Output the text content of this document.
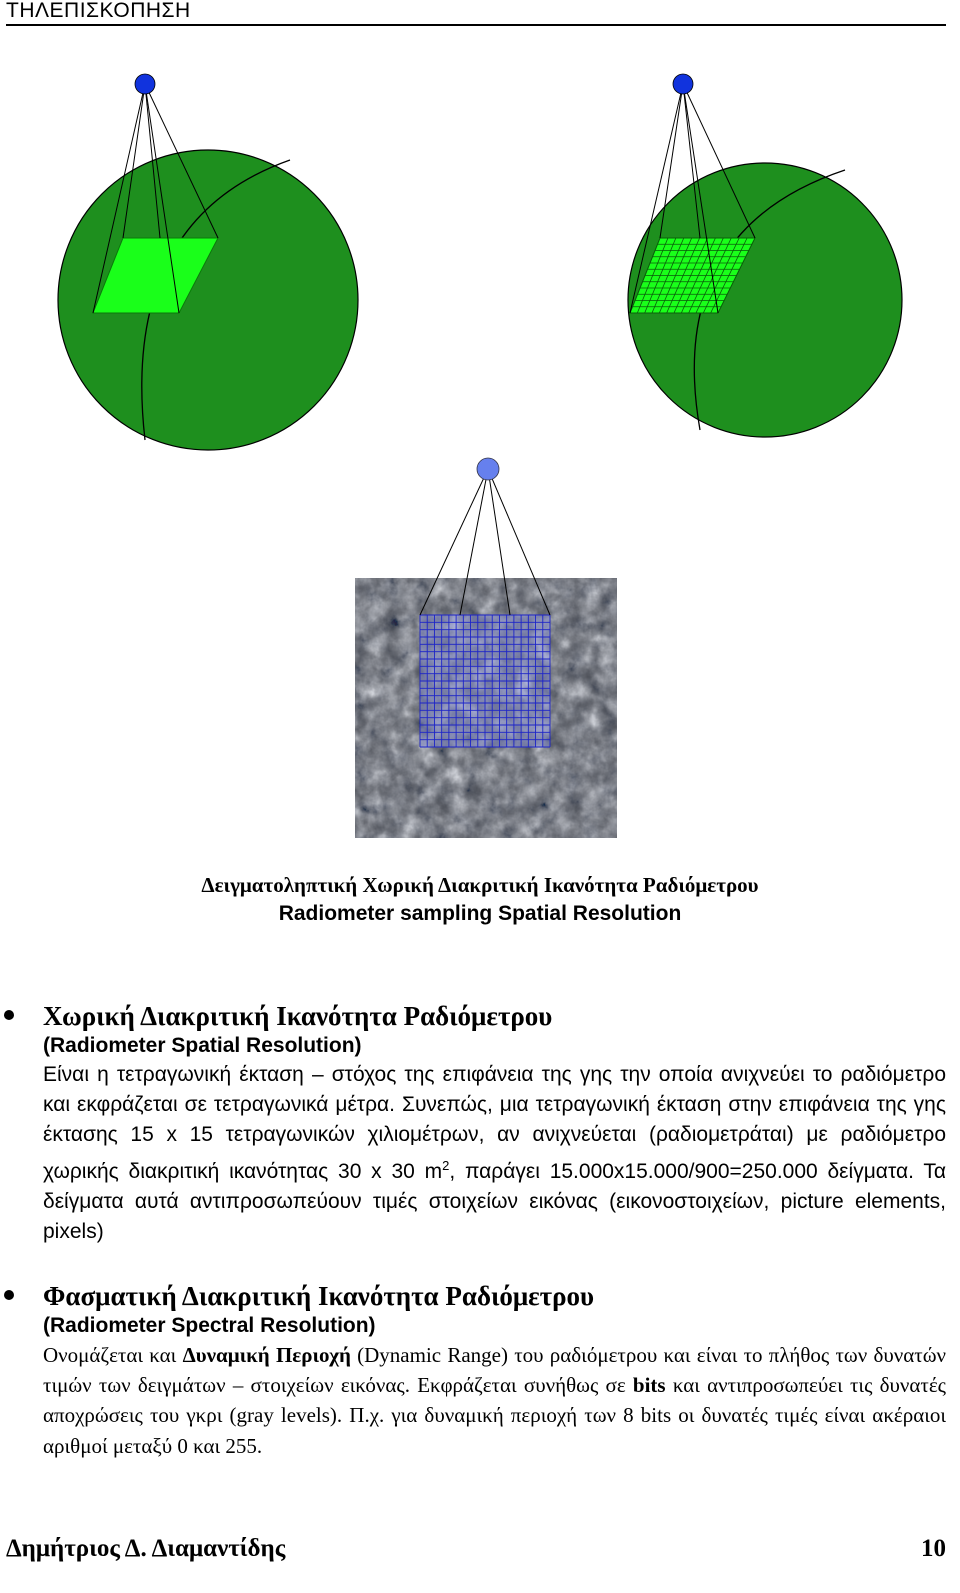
ΤΗΛΕΠΙΣΚΟΠΗΣΗ
Δειγματοληπτική Χωρική Διακριτική Ικανότητα Ραδιόμετρου
Radiometer sampling Spatial Resolution
Χωρική Διακριτική Ικανότητα Ραδιόμετρου
(Radiometer Spatial Resolution)
Είναι η τετραγωνική έκταση – στόχος της επιφάνεια της γης την οποία ανιχνεύει το ραδιόμετρο και εκφράζεται σε τετραγωνικά μέτρα. Συνεπώς, μια τετραγωνική έκταση στην επιφάνεια της γης έκτασης 15 x 15 τετραγωνικών χιλιομέτρων, αν ανιχνεύεται (ραδιομετράται) με ραδιόμετρο χωρικής διακριτική ικανότητας 30 x 30 $m^2$, παράγει 15.000x15.000/900=250.000 δείγματα. Τα δείγματα αυτά αντιπροσωπεύουν τιμές στοιχείων εικόνας (εικονοστοιχείων, picture elements, pixels)
Φασματική Διακριτική Ικανότητα Ραδιόμετρου
(Radiometer Spectral Resolution)
Ονομάζεται και Δυναμική Περιοχή (Dynamic Range) του ραδιόμετρου και είναι το πλήθος των δυνατών τιμών των δειγμάτων – στοιχείων εικόνας. Εκφράζεται συνήθως σε bits και αντιπροσωπεύει τις δυνατές αποχρώσεις του γκρι (gray levels). Π.χ. για δυναμική περιοχή των 8 bits οι δυνατές τιμές είναι ακέραιοι αριθμοί μεταξύ 0 και 255.
Δημήτριος Δ. Διαμαντίδης	10
